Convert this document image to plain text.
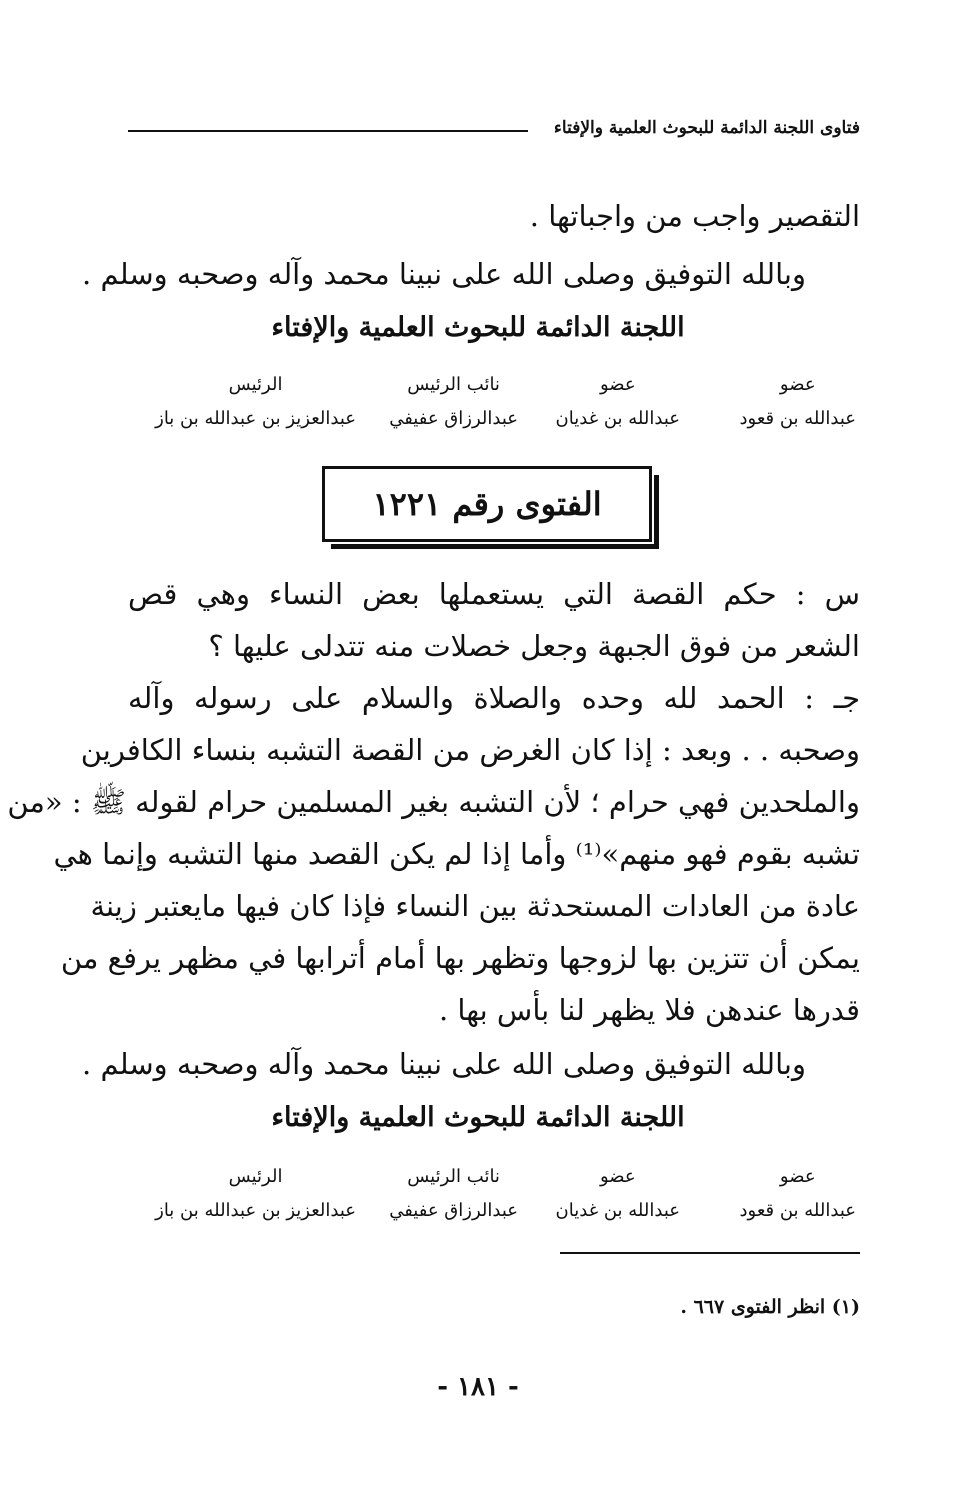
فتاوى اللجنة الدائمة للبحوث العلمية والإفتاء
التقصير واجب من واجباتها .
وبالله التوفيق وصلى الله على نبينا محمد وآله وصحبه وسلم .
اللجنة الدائمة للبحوث العلمية والإفتاء
عضو
عبدالله بن قعود
عضو
عبدالله بن غديان
نائب الرئيس
عبدالرزاق عفيفي
الرئيس
عبدالعزيز بن عبدالله بن باز
الفتوى رقم ١٢٢١
س : حكم القصة التي يستعملها بعض النساء وهي قص
الشعر من فوق الجبهة وجعل خصلات منه تتدلى عليها ؟
جـ : الحمد لله وحده والصلاة والسلام على رسوله وآله
وصحبه . . وبعد : إذا كان الغرض من القصة التشبه بنساء الكافرين
والملحدين فهي حرام ؛ لأن التشبه بغير المسلمين حرام لقوله ﷺ : «من
تشبه بقوم فهو منهم»⁽¹⁾ وأما إذا لم يكن القصد منها التشبه وإنما هي
عادة من العادات المستحدثة بين النساء فإذا كان فيها مايعتبر زينة
يمكن أن تتزين بها لزوجها وتظهر بها أمام أترابها في مظهر يرفع من
قدرها عندهن فلا يظهر لنا بأس بها .
وبالله التوفيق وصلى الله على نبينا محمد وآله وصحبه وسلم .
اللجنة الدائمة للبحوث العلمية والإفتاء
عضو
عبدالله بن قعود
عضو
عبدالله بن غديان
نائب الرئيس
عبدالرزاق عفيفي
الرئيس
عبدالعزيز بن عبدالله بن باز
(١) انظر الفتوى ٦٦٧ .
- ١٨١ -
